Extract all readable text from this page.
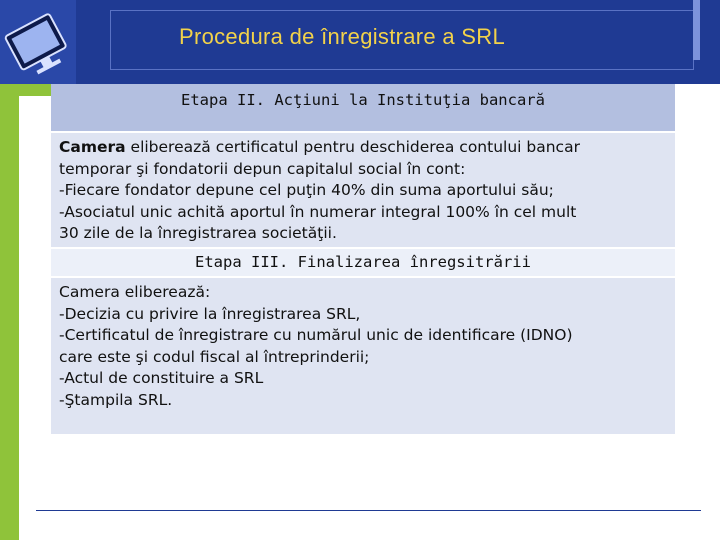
Procedura de înregistrare a SRL
Etapa II. Acţiuni la Instituţia bancară
Camera eliberează certificatul pentru deschiderea contului bancar
temporar şi fondatorii depun capitalul social în cont:
-Fiecare fondator depune cel puţin 40% din suma aportului său;
-Asociatul unic achită aportul în numerar integral 100% în cel mult
30 zile de la înregistrarea societăţii.
Etapa III. Finalizarea înregsitrării
Camera eliberează:
-Decizia cu privire la înregistrarea SRL,
-Certificatul de înregistrare cu numărul unic de identificare (IDNO)
care este şi codul fiscal al întreprinderii;
-Actul de constituire a SRL
-Ştampila SRL.
